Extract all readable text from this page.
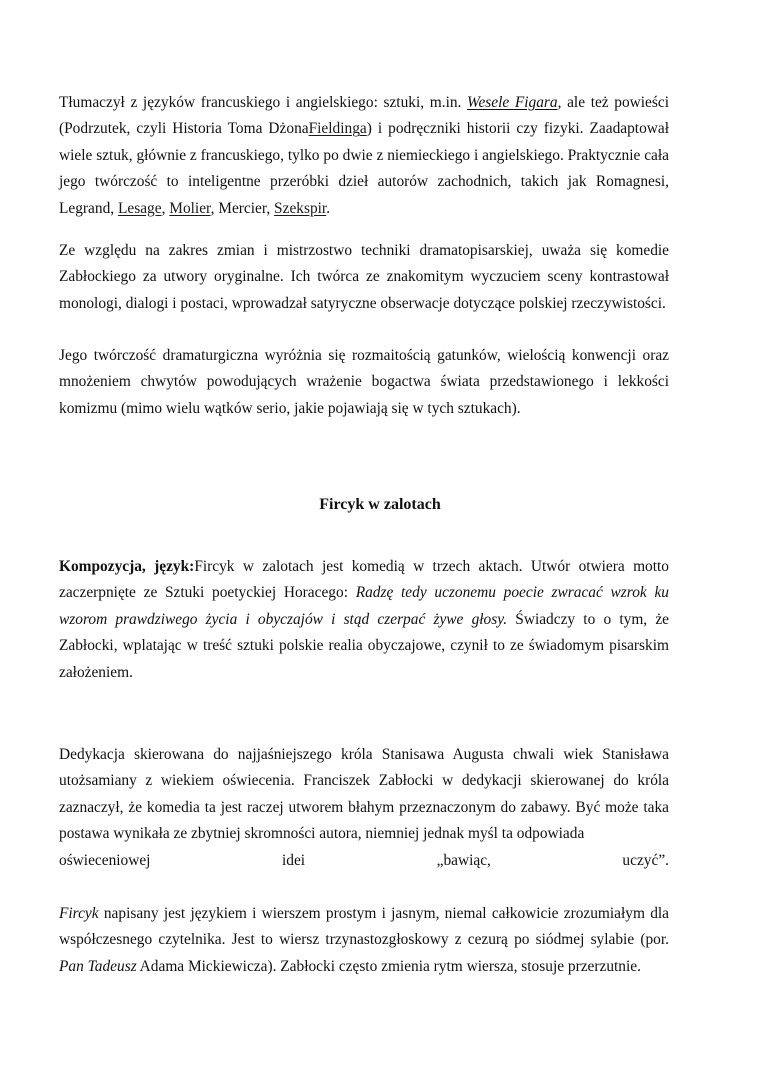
Tłumaczył z języków francuskiego i angielskiego: sztuki, m.in. Wesele Figara, ale też powieści (Podrzutek, czyli Historia Toma DżonaFieldinga) i podręczniki historii czy fizyki. Zaadaptował wiele sztuk, głównie z francuskiego, tylko po dwie z niemieckiego i angielskiego. Praktycznie cała jego twórczość to inteligentne przeróbki dzieł autorów zachodnich, takich jak Romagnesi, Legrand, Lesage, Molier, Mercier, Szekspir.

Ze względu na zakres zmian i mistrzostwo techniki dramatopisarskiej, uważa się komedie Zabłockiego za utwory oryginalne. Ich twórca ze znakomitym wyczuciem sceny kontrastował monologi, dialogi i postaci, wprowadzał satyryczne obserwacje dotyczące polskiej rzeczywistości.

Jego twórczość dramaturgiczna wyróżnia się rozmaitością gatunków, wielością konwencji oraz mnożeniem chwytów powodujących wrażenie bogactwa świata przedstawionego i lekkości komizmu (mimo wielu wątków serio, jakie pojawiają się w tych sztukach).

Fircyk w zalotach

Kompozycja, język:Fircyk w zalotach jest komedią w trzech aktach. Utwór otwiera motto zaczerpnięte ze Sztuki poetyckiej Horacego: Radzę tedy uczonemu poecie zwracać wzrok ku wzorom prawdziwego życia i obyczajów i stąd czerpać żywe głosy. Świadczy to o tym, że Zabłocki, wplatając w treść sztuki polskie realia obyczajowe, czynił to ze świadomym pisarskim założeniem.

Dedykacja skierowana do najjaśniejszego króla Stanisawa Augusta chwali wiek Stanisława utożsamiany z wiekiem oświecenia. Franciszek Zabłocki w dedykacji skierowanej do króla zaznaczył, że komedia ta jest raczej utworem błahym przeznaczonym do zabawy. Być może taka postawa wynikała ze zbytniej skromności autora, niemniej jednak myśl ta odpowiada
oświeceniowej idei „bawiąc, uczyć”.

Fircyk napisany jest językiem i wierszem prostym i jasnym, niemal całkowicie zrozumiałym dla współczesnego czytelnika. Jest to wiersz trzynastozgłoskowy z cezurą po siódmej sylabie (por. Pan Tadeusz Adama Mickiewicza). Zabłocki często zmienia rytm wiersza, stosuje przerzutnie.
